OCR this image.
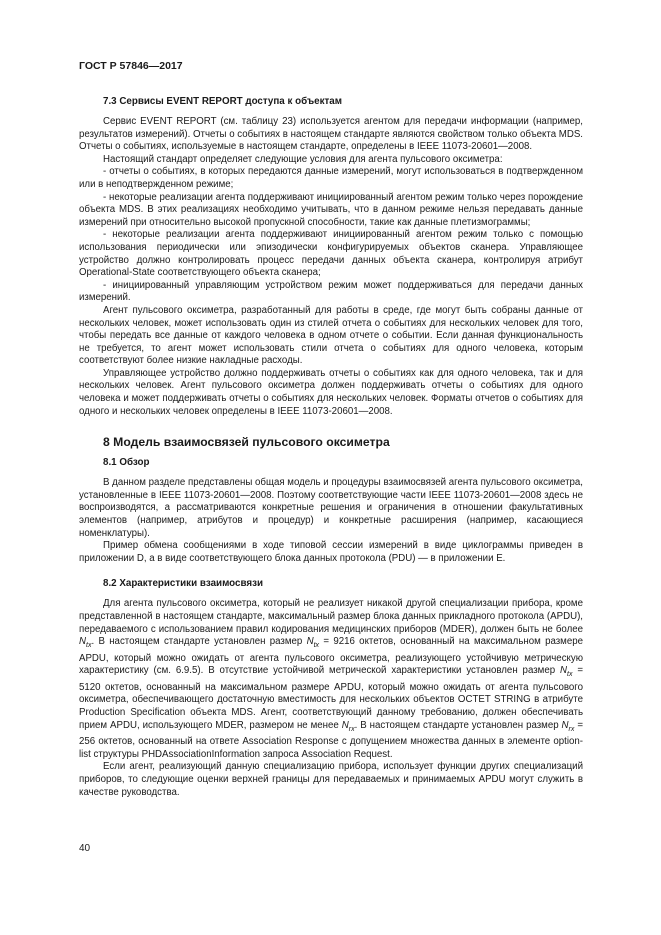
ГОСТ Р 57846—2017

7.3 Сервисы EVENT REPORT доступа к объектам

Сервис EVENT REPORT (см. таблицу 23) используется агентом для передачи информации (например, результатов измерений). Отчеты о событиях в настоящем стандарте являются свойством только объекта MDS. Отчеты о событиях, используемые в настоящем стандарте, определены в IEEE 11073-20601—2008.

Настоящий стандарт определяет следующие условия для агента пульсового оксиметра:

- отчеты о событиях, в которых передаются данные измерений, могут использоваться в подтвержденном или в неподтвержденном режиме;

- некоторые реализации агента поддерживают инициированный агентом режим только через порождение объекта MDS. В этих реализациях необходимо учитывать, что в данном режиме нельзя передавать данные измерений при относительно высокой пропускной способности, такие как данные плетизмограммы;

- некоторые реализации агента поддерживают инициированный агентом режим только с помощью использования периодически или эпизодически конфигурируемых объектов сканера. Управляющее устройство должно контролировать процесс передачи данных объекта сканера, контролируя атрибут Operational-State соответствующего объекта сканера;

- инициированный управляющим устройством режим может поддерживаться для передачи данных измерений.

Агент пульсового оксиметра, разработанный для работы в среде, где могут быть собраны данные от нескольких человек, может использовать один из стилей отчета о событиях для нескольких человек для того, чтобы передать все данные от каждого человека в одном отчете о событии. Если данная функциональность не требуется, то агент может использовать стили отчета о событиях для одного человека, которым соответствуют более низкие накладные расходы.

Управляющее устройство должно поддерживать отчеты о событиях как для одного человека, так и для нескольких человек. Агент пульсового оксиметра должен поддерживать отчеты о событиях для одного человека и может поддерживать отчеты о событиях для нескольких человек. Форматы отчетов о событиях для одного и нескольких человек определены в IEEE 11073-20601—2008.

8 Модель взаимосвязей пульсового оксиметра

8.1 Обзор

В данном разделе представлены общая модель и процедуры взаимосвязей агента пульсового оксиметра, установленные в IEEE 11073-20601—2008. Поэтому соответствующие части IEEE 11073-20601—2008 здесь не воспроизводятся, а рассматриваются конкретные решения и ограничения в отношении факультативных элементов (например, атрибутов и процедур) и конкретные расширения (например, касающиеся номенклатуры).

Пример обмена сообщениями в ходе типовой сессии измерений в виде циклограммы приведен в приложении D, а в виде соответствующего блока данных протокола (PDU) — в приложении E.

8.2 Характеристики взаимосвязи

Для агента пульсового оксиметра, который не реализует никакой другой специализации прибора, кроме представленной в настоящем стандарте, максимальный размер блока данных прикладного протокола (APDU), передаваемого с использованием правил кодирования медицинских приборов (MDER), должен быть не более $N_{tx}$. В настоящем стандарте установлен размер $N_{tx} = 9216$ октетов, основанный на максимальном размере APDU, который можно ожидать от агента пульсового оксиметра, реализующего устойчивую метрическую характеристику (см. 6.9.5). В отсутствие устойчивой метрической характеристики установлен размер $N_{tx} = 5120$ октетов, основанный на максимальном размере APDU, который можно ожидать от агента пульсового оксиметра, обеспечивающего достаточную вместимость для нескольких объектов OCTET STRING в атрибуте Production Specification объекта MDS. Агент, соответствующий данному требованию, должен обеспечивать прием APDU, использующего MDER, размером не менее $N_{rx}$. В настоящем стандарте установлен размер $N_{rx} = 256$ октетов, основанный на ответе Association Response с допущением множества данных в элементе option-list структуры PHDAssociationInformation запроса Association Request.

Если агент, реализующий данную специализацию прибора, использует функции других специализаций приборов, то следующие оценки верхней границы для передаваемых и принимаемых APDU могут служить в качестве руководства.

40
